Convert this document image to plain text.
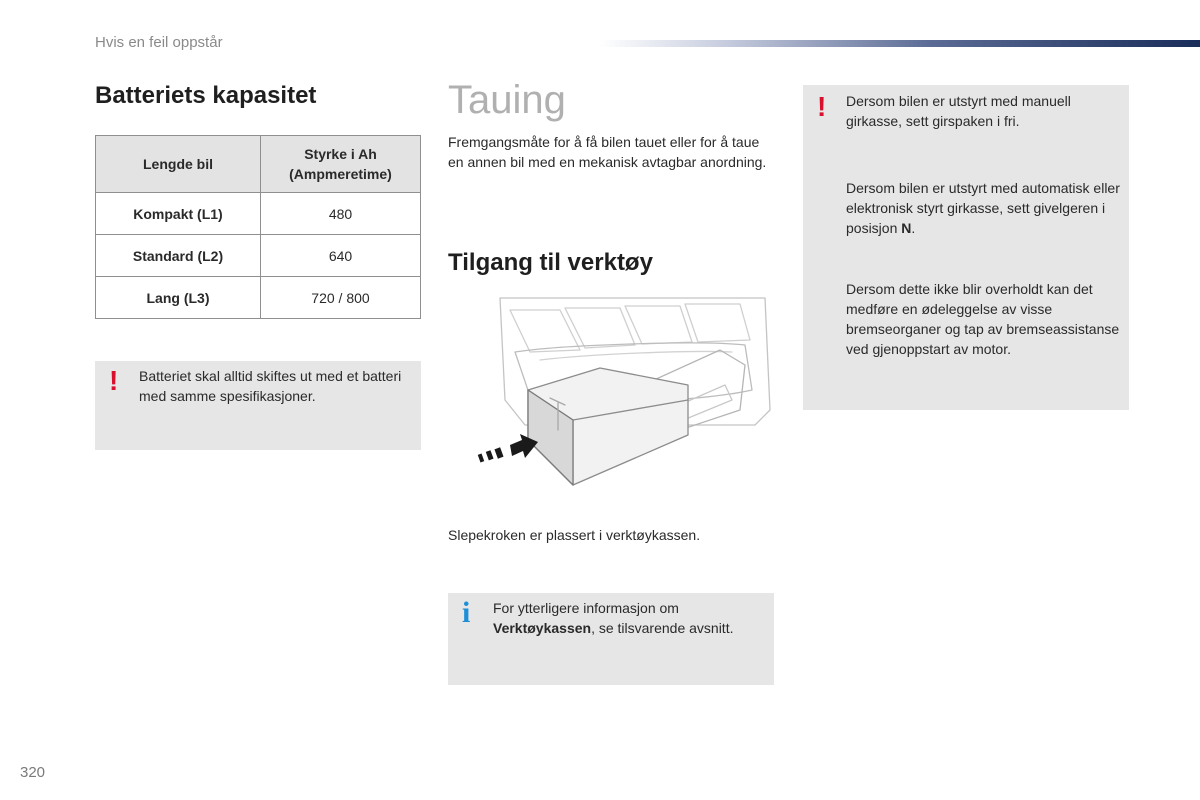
Hvis en feil oppstår
Batteriets kapasitet
Lengde bil	Styrke i Ah
(Ampmeretime)
Kompakt (L1)	480
Standard (L2)	640
Lang (L3)	720 / 800
! Batteriet skal alltid skiftes ut med et batteri med samme spesifikasjoner.
Tauing
Fremgangsmåte for å få bilen tauet eller for å taue en annen bil med en mekanisk avtagbar anordning.
Tilgang til verktøy
Slepekroken er plassert i verktøykassen.
i For ytterligere informasjon om
Verktøykassen, se tilsvarende avsnitt.
! Dersom bilen er utstyrt med manuell girkasse, sett girspaken i fri.

Dersom bilen er utstyrt med automatisk eller elektronisk styrt girkasse, sett givelgeren i posisjon N.

Dersom dette ikke blir overholdt kan det medføre en ødeleggelse av visse bremseorganer og tap av bremseassistanse ved gjenoppstart av motor.

320
